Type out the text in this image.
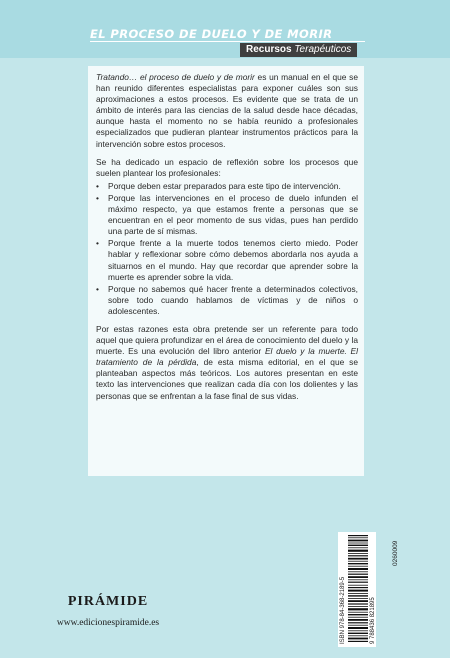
EL PROCESO DE DUELO Y DE MORIR
Recursos Terapéuticos

Tratando… el proceso de duelo y de morir es un manual en el que se han reunido diferentes especialistas para exponer cuáles son sus aproximaciones a estos procesos. Es evidente que se trata de un ámbito de interés para las ciencias de la salud desde hace décadas, aunque hasta el momento no se había reunido a profesionales especializados que pudieran plantear instrumentos prácticos para la intervención sobre estos procesos.

Se ha dedicado un espacio de reflexión sobre los procesos que suelen plantear los profesionales:

• Porque deben estar preparados para este tipo de intervención.
• Porque las intervenciones en el proceso de duelo infunden el máximo respecto, ya que estamos frente a personas que se encuentran en el peor momento de sus vidas, pues han perdido una parte de sí mismas.
• Porque frente a la muerte todos tenemos cierto miedo. Poder hablar y reflexionar sobre cómo debemos abordarla nos ayuda a situarnos en el mundo. Hay que recordar que aprender sobre la muerte es aprender sobre la vida.
• Porque no sabemos qué hacer frente a determinados colectivos, sobre todo cuando hablamos de víctimas y de niños o adolescentes.

Por estas razones esta obra pretende ser un referente para todo aquel que quiera profundizar en el área de conocimiento del duelo y la muerte. Es una evolución del libro anterior El duelo y la muerte. El tratamiento de la pérdida, de esta misma editorial, en el que se planteaban aspectos más teóricos. Los autores presentan en este texto las intervenciones que realizan cada día con los dolientes y las personas que se enfrentan a la fase final de sus vidas.

ISBN 978-84-368-2189-5	9 788436 821895
0260009
PIRÁMIDE
www.edicionespiramide.es
